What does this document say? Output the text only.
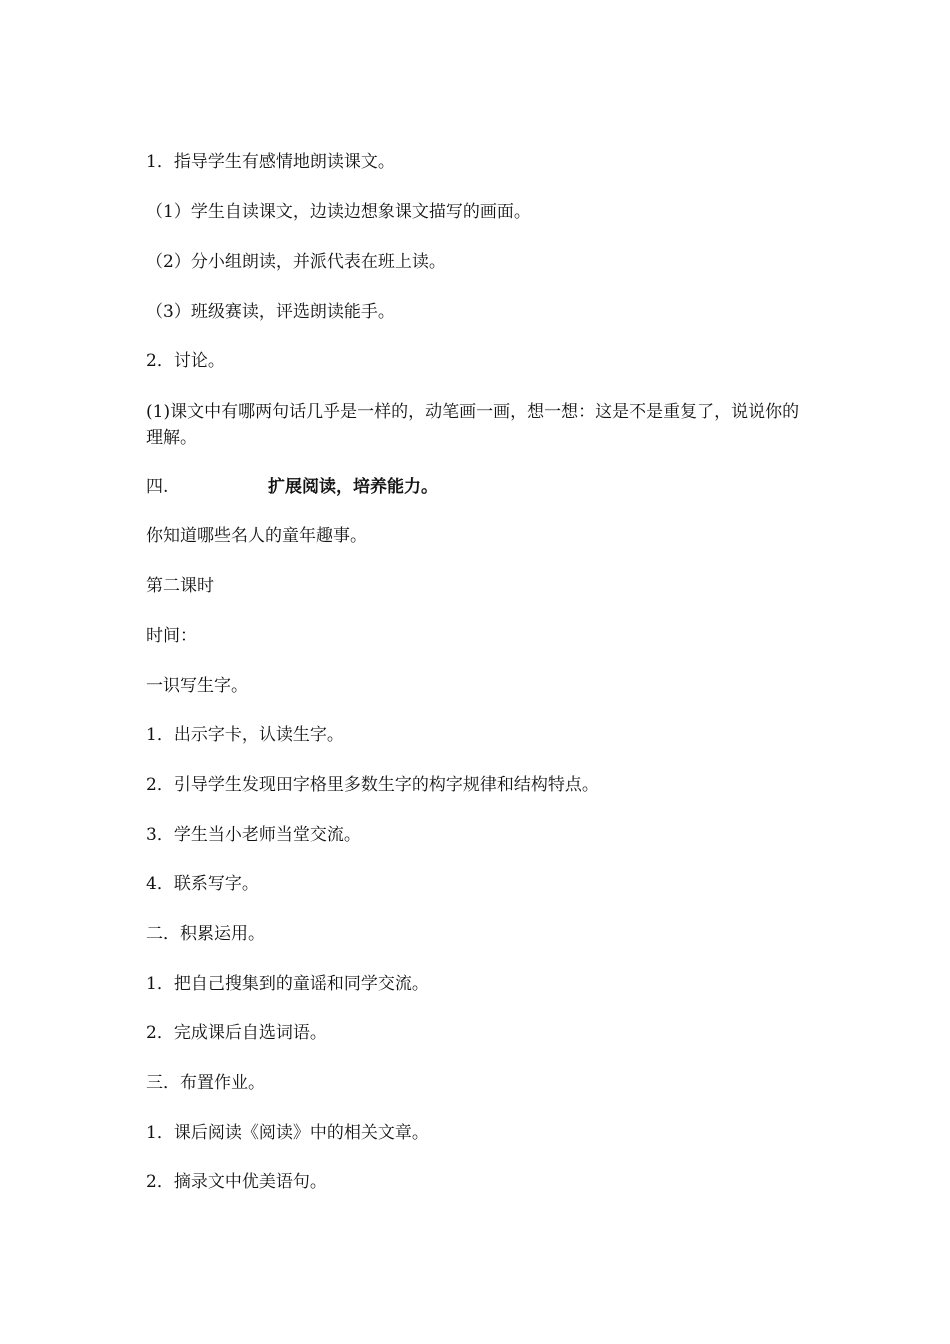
1．指导学生有感情地朗读课文。
（1）学生自读课文，边读边想象课文描写的画面。
（2）分小组朗读，并派代表在班上读。
（3）班级赛读，评选朗读能手。
2．讨论。
(1)课文中有哪两句话几乎是一样的，动笔画一画，想一想：这是不是重复了，说说你的理解。
四.	扩展阅读，培养能力。
你知道哪些名人的童年趣事。
第二课时
时间：
一识写生字。
1．出示字卡，认读生字。
2．引导学生发现田字格里多数生字的构字规律和结构特点。
3．学生当小老师当堂交流。
4．联系写字。
二．积累运用。
1．把自己搜集到的童谣和同学交流。
2．完成课后自选词语。
三．布置作业。
1．课后阅读《阅读》中的相关文章。
2．摘录文中优美语句。
